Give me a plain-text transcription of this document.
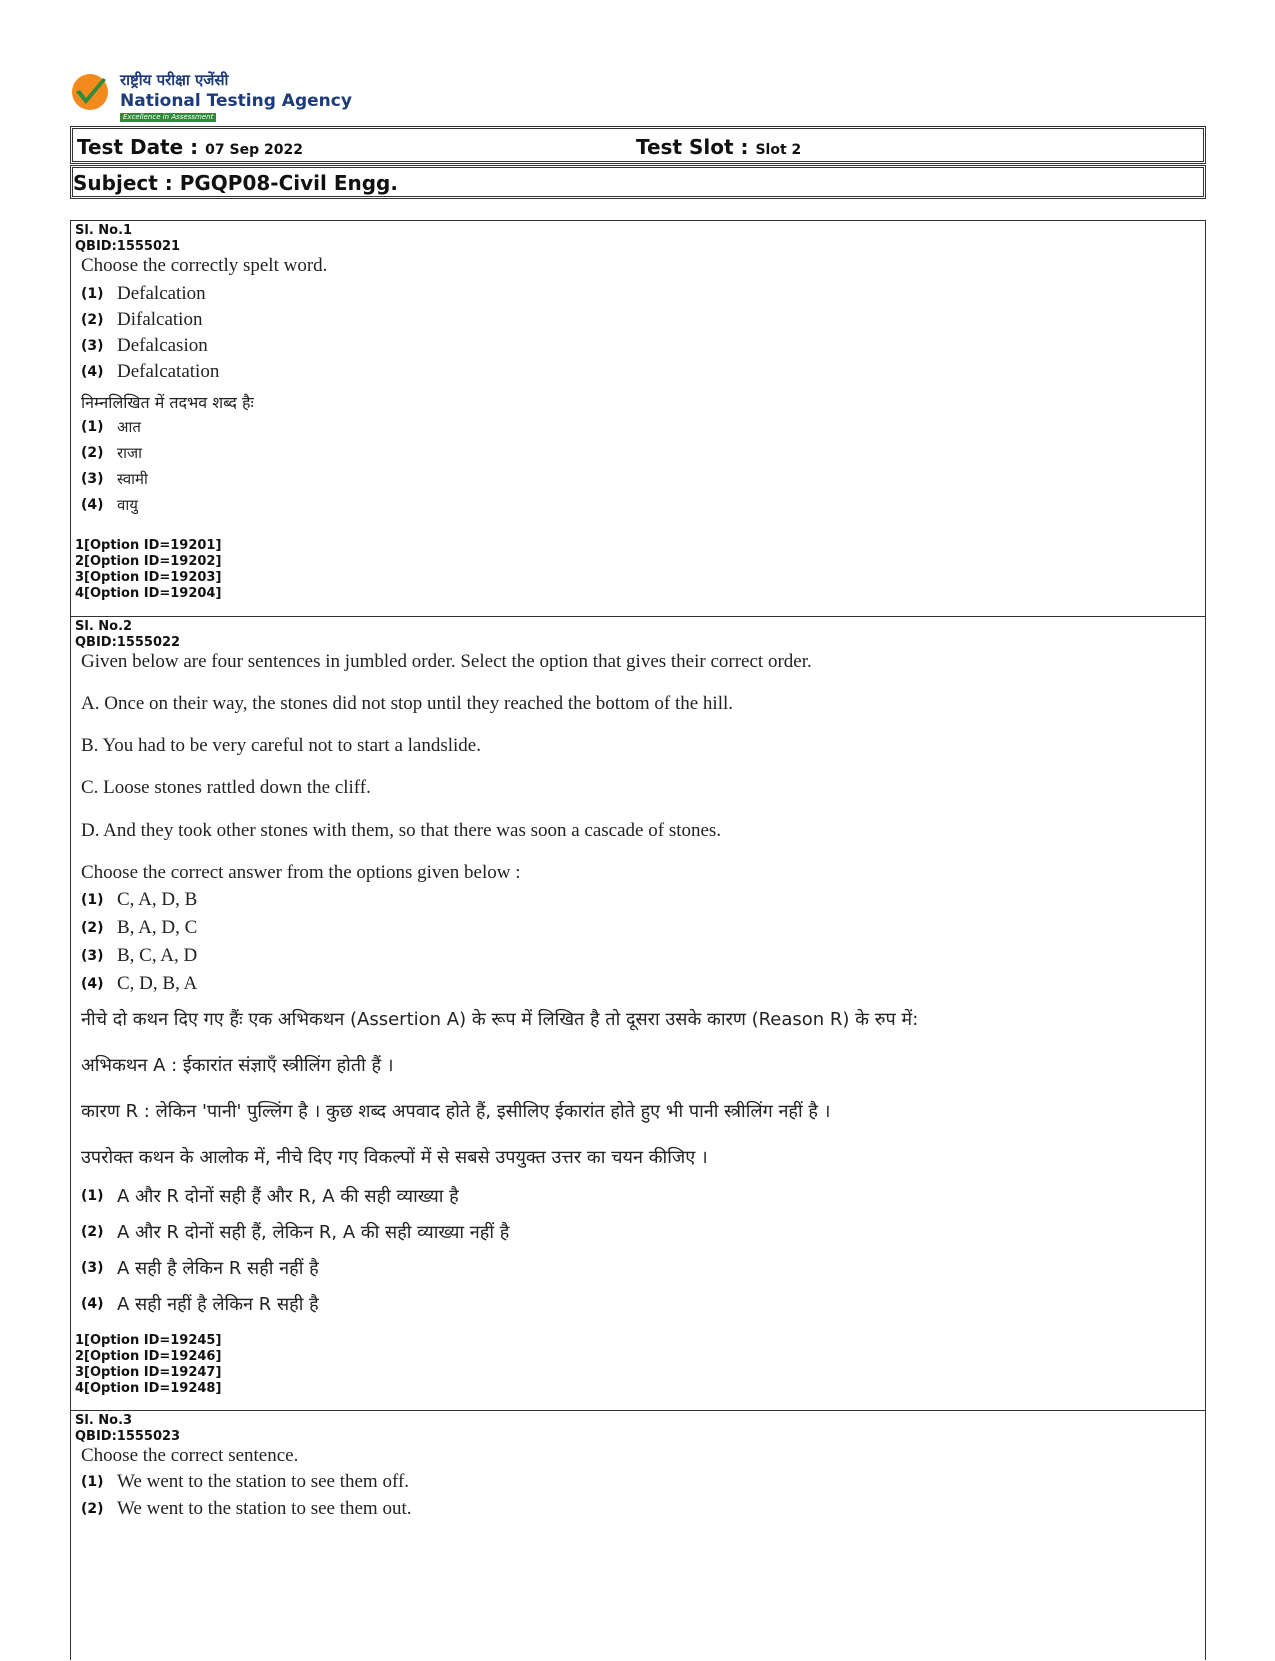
राष्ट्रीय परीक्षा एजेंसी
National Testing Agency
Excellence in Assessment
Test Date : 07 Sep 2022	Test Slot : Slot 2
Subject : PGQP08-Civil Engg.
Sl. No.1
QBID:1555021
Choose the correctly spelt word.
(1) Defalcation
(2) Difalcation
(3) Defalcasion
(4) Defalcatation
निम्नलिखित में तदभव शब्द हैः
(1) आत
(2) राजा
(3) स्वामी
(4) वायु
1[Option ID=19201]
2[Option ID=19202]
3[Option ID=19203]
4[Option ID=19204]
Sl. No.2
QBID:1555022
Given below are four sentences in jumbled order. Select the option that gives their correct order.
A. Once on their way, the stones did not stop until they reached the bottom of the hill.
B. You had to be very careful not to start a landslide.
C. Loose stones rattled down the cliff.
D. And they took other stones with them, so that there was soon a cascade of stones.
Choose the correct answer from the options given below :
(1) C, A, D, B
(2) B, A, D, C
(3) B, C, A, D
(4) C, D, B, A
नीचे दो कथन दिए गए हैंः एक अभिकथन (Assertion A) के रूप में लिखित है तो दूसरा उसके कारण (Reason R) के रुप में:
अभिकथन A : ईकारांत संज्ञाएँ स्त्रीलिंग होती हैं ।
कारण R : लेकिन 'पानी' पुल्लिंग है । कुछ शब्द अपवाद होते हैं, इसीलिए ईकारांत होते हुए भी पानी स्त्रीलिंग नहीं है ।
उपरोक्त कथन के आलोक में, नीचे दिए गए विकल्पों में से सबसे उपयुक्त उत्तर का चयन कीजिए ।
(1) A और R दोनों सही हैं और R, A की सही व्याख्या है
(2) A और R दोनों सही हैं, लेकिन R, A की सही व्याख्या नहीं है
(3) A सही है लेकिन R सही नहीं है
(4) A सही नहीं है लेकिन R सही है
1[Option ID=19245]
2[Option ID=19246]
3[Option ID=19247]
4[Option ID=19248]
Sl. No.3
QBID:1555023
Choose the correct sentence.
(1) We went to the station to see them off.
(2) We went to the station to see them out.
